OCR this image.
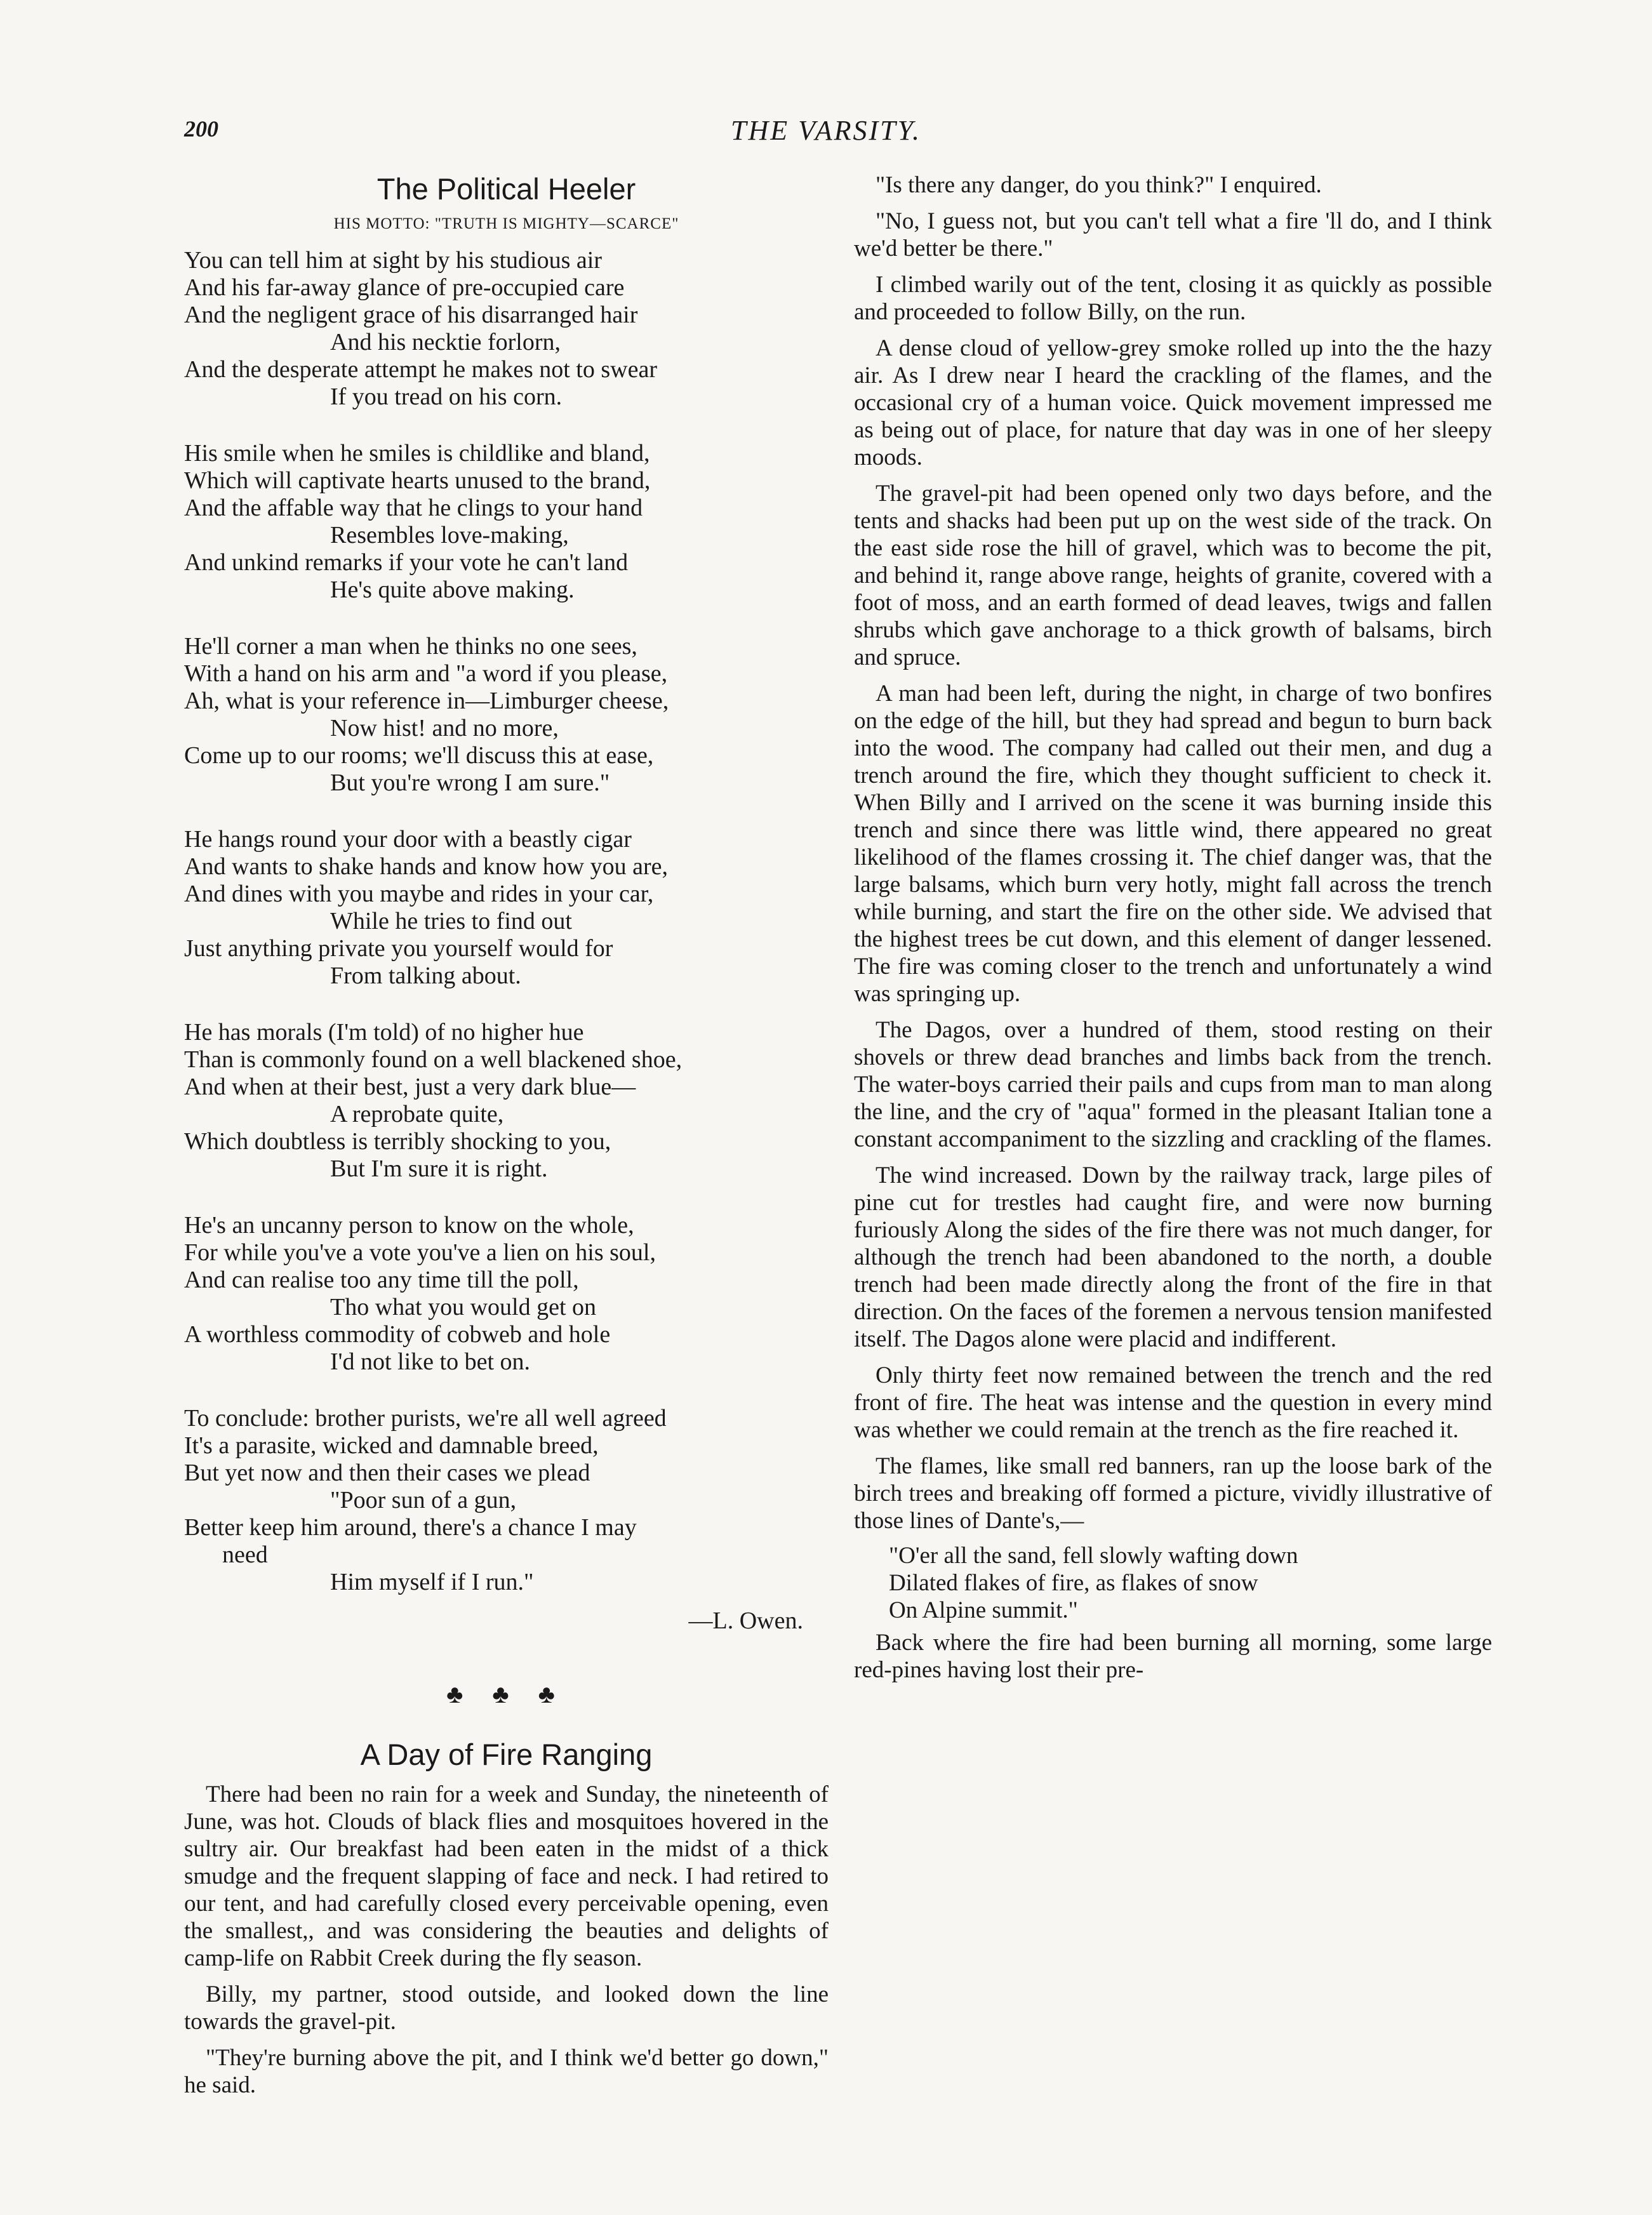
200	THE VARSITY.
The Political Heeler
HIS MOTTO: "TRUTH IS MIGHTY—SCARCE"
You can tell him at sight by his studious air
And his far-away glance of pre-occupied care
And the negligent grace of his disarranged hair
And his necktie forlorn,
And the desperate attempt he makes not to swear
If you tread on his corn.
His smile when he smiles is childlike and bland,
Which will captivate hearts unused to the brand,
And the affable way that he clings to your hand
Resembles love-making,
And unkind remarks if your vote he can't land
He's quite above making.
He'll corner a man when he thinks no one sees,
With a hand on his arm and "a word if you please,
Ah, what is your reference in—Limburger cheese,
Now hist! and no more,
Come up to our rooms; we'll discuss this at ease,
But you're wrong I am sure."
He hangs round your door with a beastly cigar
And wants to shake hands and know how you are,
And dines with you maybe and rides in your car,
While he tries to find out
Just anything private you yourself would for
From talking about.
He has morals (I'm told) of no higher hue
Than is commonly found on a well blackened shoe,
And when at their best, just a very dark blue—
A reprobate quite,
Which doubtless is terribly shocking to you,
But I'm sure it is right.
He's an uncanny person to know on the whole,
For while you've a vote you've a lien on his soul,
And can realise too any time till the poll,
Tho what you would get on
A worthless commodity of cobweb and hole
I'd not like to bet on.
To conclude: brother purists, we're all well agreed
It's a parasite, wicked and damnable breed,
But yet now and then their cases we plead
"Poor sun of a gun,
Better keep him around, there's a chance I may
need
Him myself if I run."
—L. Owen.
♣ ♣ ♣
A Day of Fire Ranging

There had been no rain for a week and Sunday, the nineteenth of June, was hot. Clouds of black flies and mosquitoes hovered in the sultry air. Our breakfast had been eaten in the midst of a thick smudge and the frequent slapping of face and neck. I had retired to our tent, and had carefully closed every perceivable opening, even the smallest,, and was considering the beauties and delights of camp-life on Rabbit Creek during the fly season.

Billy, my partner, stood outside, and looked down the line towards the gravel-pit.

"They're burning above the pit, and I think we'd better go down," he said.

"Is there any danger, do you think?" I enquired.

"No, I guess not, but you can't tell what a fire 'll do, and I think we'd better be there."

I climbed warily out of the tent, closing it as quickly as possible and proceeded to follow Billy, on the run.

A dense cloud of yellow-grey smoke rolled up into the the hazy air. As I drew near I heard the crackling of the flames, and the occasional cry of a human voice. Quick movement impressed me as being out of place, for nature that day was in one of her sleepy moods.

The gravel-pit had been opened only two days before, and the tents and shacks had been put up on the west side of the track. On the east side rose the hill of gravel, which was to become the pit, and behind it, range above range, heights of granite, covered with a foot of moss, and an earth formed of dead leaves, twigs and fallen shrubs which gave anchorage to a thick growth of balsams, birch and spruce.

A man had been left, during the night, in charge of two bonfires on the edge of the hill, but they had spread and begun to burn back into the wood. The company had called out their men, and dug a trench around the fire, which they thought sufficient to check it. When Billy and I arrived on the scene it was burning inside this trench and since there was little wind, there appeared no great likelihood of the flames crossing it. The chief danger was, that the large balsams, which burn very hotly, might fall across the trench while burning, and start the fire on the other side. We advised that the highest trees be cut down, and this element of danger lessened. The fire was coming closer to the trench and unfortunately a wind was springing up.

The Dagos, over a hundred of them, stood resting on their shovels or threw dead branches and limbs back from the trench. The water-boys carried their pails and cups from man to man along the line, and the cry of "aqua" formed in the pleasant Italian tone a constant accompaniment to the sizzling and crackling of the flames.

The wind increased. Down by the railway track, large piles of pine cut for trestles had caught fire, and were now burning furiously Along the sides of the fire there was not much danger, for although the trench had been abandoned to the north, a double trench had been made directly along the front of the fire in that direction. On the faces of the foremen a nervous tension manifested itself. The Dagos alone were placid and indifferent.

Only thirty feet now remained between the trench and the red front of fire. The heat was intense and the question in every mind was whether we could remain at the trench as the fire reached it.

The flames, like small red banners, ran up the loose bark of the birch trees and breaking off formed a picture, vividly illustrative of those lines of Dante's,—

"O'er all the sand, fell slowly wafting down
Dilated flakes of fire, as flakes of snow
On Alpine summit."

Back where the fire had been burning all morning, some large red-pines having lost their pre-
